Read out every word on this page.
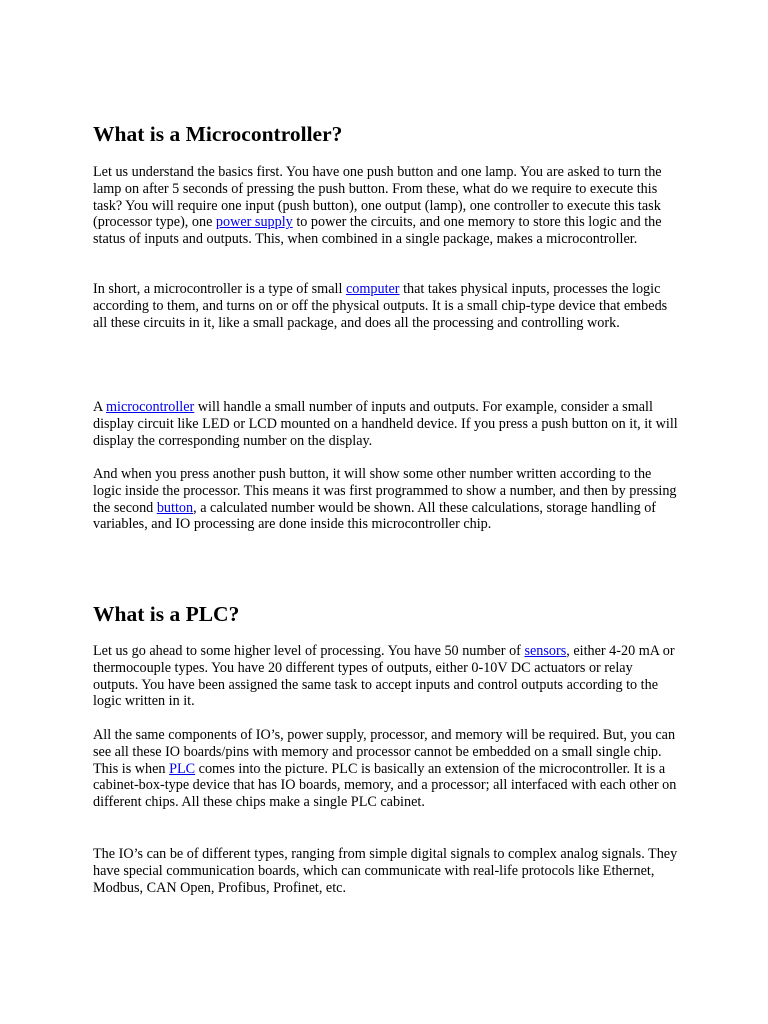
What is a Microcontroller?

Let us understand the basics first. You have one push button and one lamp. You are asked to turn the lamp on after 5 seconds of pressing the push button. From these, what do we require to execute this task? You will require one input (push button), one output (lamp), one controller to execute this task (processor type), one power supply to power the circuits, and one memory to store this logic and the status of inputs and outputs. This, when combined in a single package, makes a microcontroller.

In short, a microcontroller is a type of small computer that takes physical inputs, processes the logic according to them, and turns on or off the physical outputs. It is a small chip-type device that embeds all these circuits in it, like a small package, and does all the processing and controlling work.

A microcontroller will handle a small number of inputs and outputs. For example, consider a small display circuit like LED or LCD mounted on a handheld device. If you press a push button on it, it will display the corresponding number on the display.

And when you press another push button, it will show some other number written according to the logic inside the processor. This means it was first programmed to show a number, and then by pressing the second button, a calculated number would be shown. All these calculations, storage handling of variables, and IO processing are done inside this microcontroller chip.

What is a PLC?

Let us go ahead to some higher level of processing. You have 50 number of sensors, either 4-20 mA or thermocouple types. You have 20 different types of outputs, either 0-10V DC actuators or relay outputs. You have been assigned the same task to accept inputs and control outputs according to the logic written in it.

All the same components of IO’s, power supply, processor, and memory will be required. But, you can see all these IO boards/pins with memory and processor cannot be embedded on a small single chip. This is when PLC comes into the picture. PLC is basically an extension of the microcontroller. It is a cabinet-box-type device that has IO boards, memory, and a processor; all interfaced with each other on different chips. All these chips make a single PLC cabinet.

The IO’s can be of different types, ranging from simple digital signals to complex analog signals. They have special communication boards, which can communicate with real-life protocols like Ethernet, Modbus, CAN Open, Profibus, Profinet, etc.
